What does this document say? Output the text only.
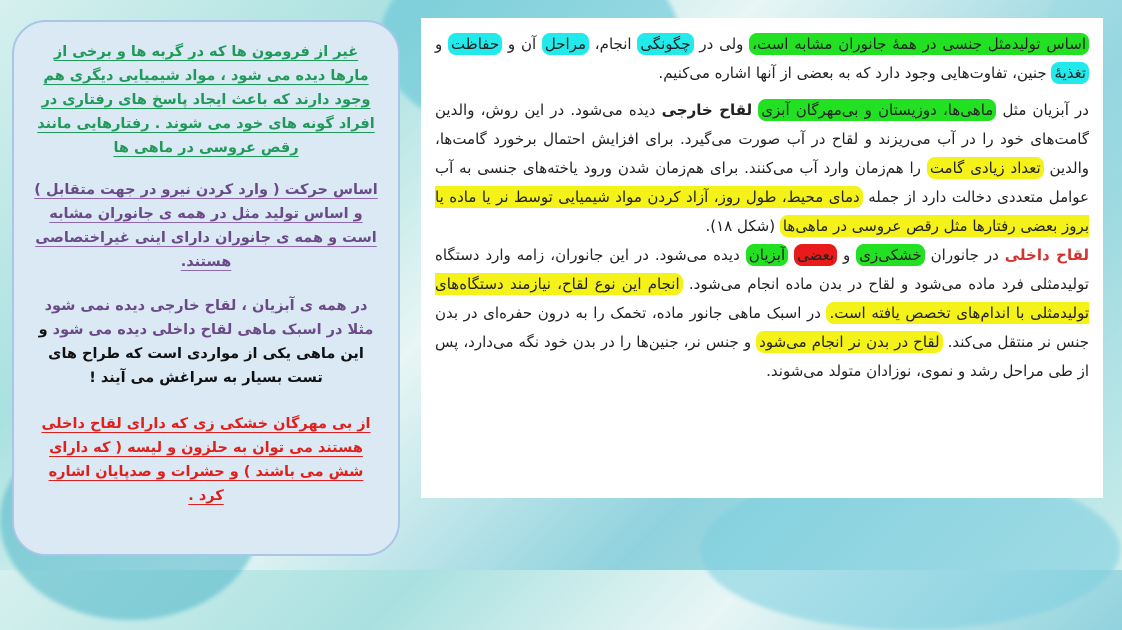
غیر از فرومون ها که در گربه ها و برخی از مارها دیده می شود ، مواد شیمیایی دیگری هم وجود دارند که باعث ایجاد پاسخ های رفتاری در افراد گونه های خود می شوند . رفتارهایی مانند رقص عروسی در ماهی ها

اساس حرکت ( وارد کردن نیرو در جهت متقابل ) و اساس تولید مثل در همه ی جانوران مشابه است و همه ی جانوران دارای اینی غیراختصاصی هستند.

در همه ی آبزیان ، لقاح خارجی دیده نمی شود مثلا در اسبک ماهی لقاح داخلی دیده می شود و این ماهی یکی از مواردی است که طراح های تست بسیار به سراغش می آیند !

از بی مهرگان خشکی زی که دارای لقاح داخلی هستند می توان به حلزون و لیسه ( که دارای شش می باشند ) و حشرات و صدپایان اشاره کرد .

اساس تولیدمثل جنسی در همهٔ جانوران مشابه است، ولی در چگونگی انجام، مراحل آن و حفاظت و تغذیهٔ جنین، تفاوت‌هایی وجود دارد که به بعضی از آنها اشاره می‌کنیم.

در آبزیان مثل ماهی‌ها، دوزیستان و بی‌مهرگان آبزی لقاح خارجی دیده می‌شود. در این روش، والدین گامت‌های خود را در آب می‌ریزند و لقاح در آب صورت می‌گیرد. برای افزایش احتمال برخورد گامت‌ها، والدین تعداد زیادی گامت را هم‌زمان وارد آب می‌کنند. برای هم‌زمان شدن ورود یاخته‌های جنسی به آب عوامل متعددی دخالت دارد از جمله دمای محیط، طول روز، آزاد کردن مواد شیمیایی توسط نر یا ماده یا بروز بعضی رفتارها مثل رقص عروسی در ماهی‌ها (شکل ۱۸).

لقاح داخلی در جانوران خشکی‌زی و بعضی آبزیان دیده می‌شود. در این جانوران، زامه وارد دستگاه تولیدمثلی فرد ماده می‌شود و لقاح در بدن ماده انجام می‌شود. انجام این نوع لقاح، نیازمند دستگاه‌های تولیدمثلی با اندام‌های تخصص یافته است. در اسبک ماهی جانور ماده، تخمک را به درون حفره‌ای در بدن جنس نر منتقل می‌کند. لقاح در بدن نر انجام می‌شود و جنس نر، جنین‌ها را در بدن خود نگه می‌دارد، پس از طی مراحل رشد و نموی، نوزادان متولد می‌شوند.
